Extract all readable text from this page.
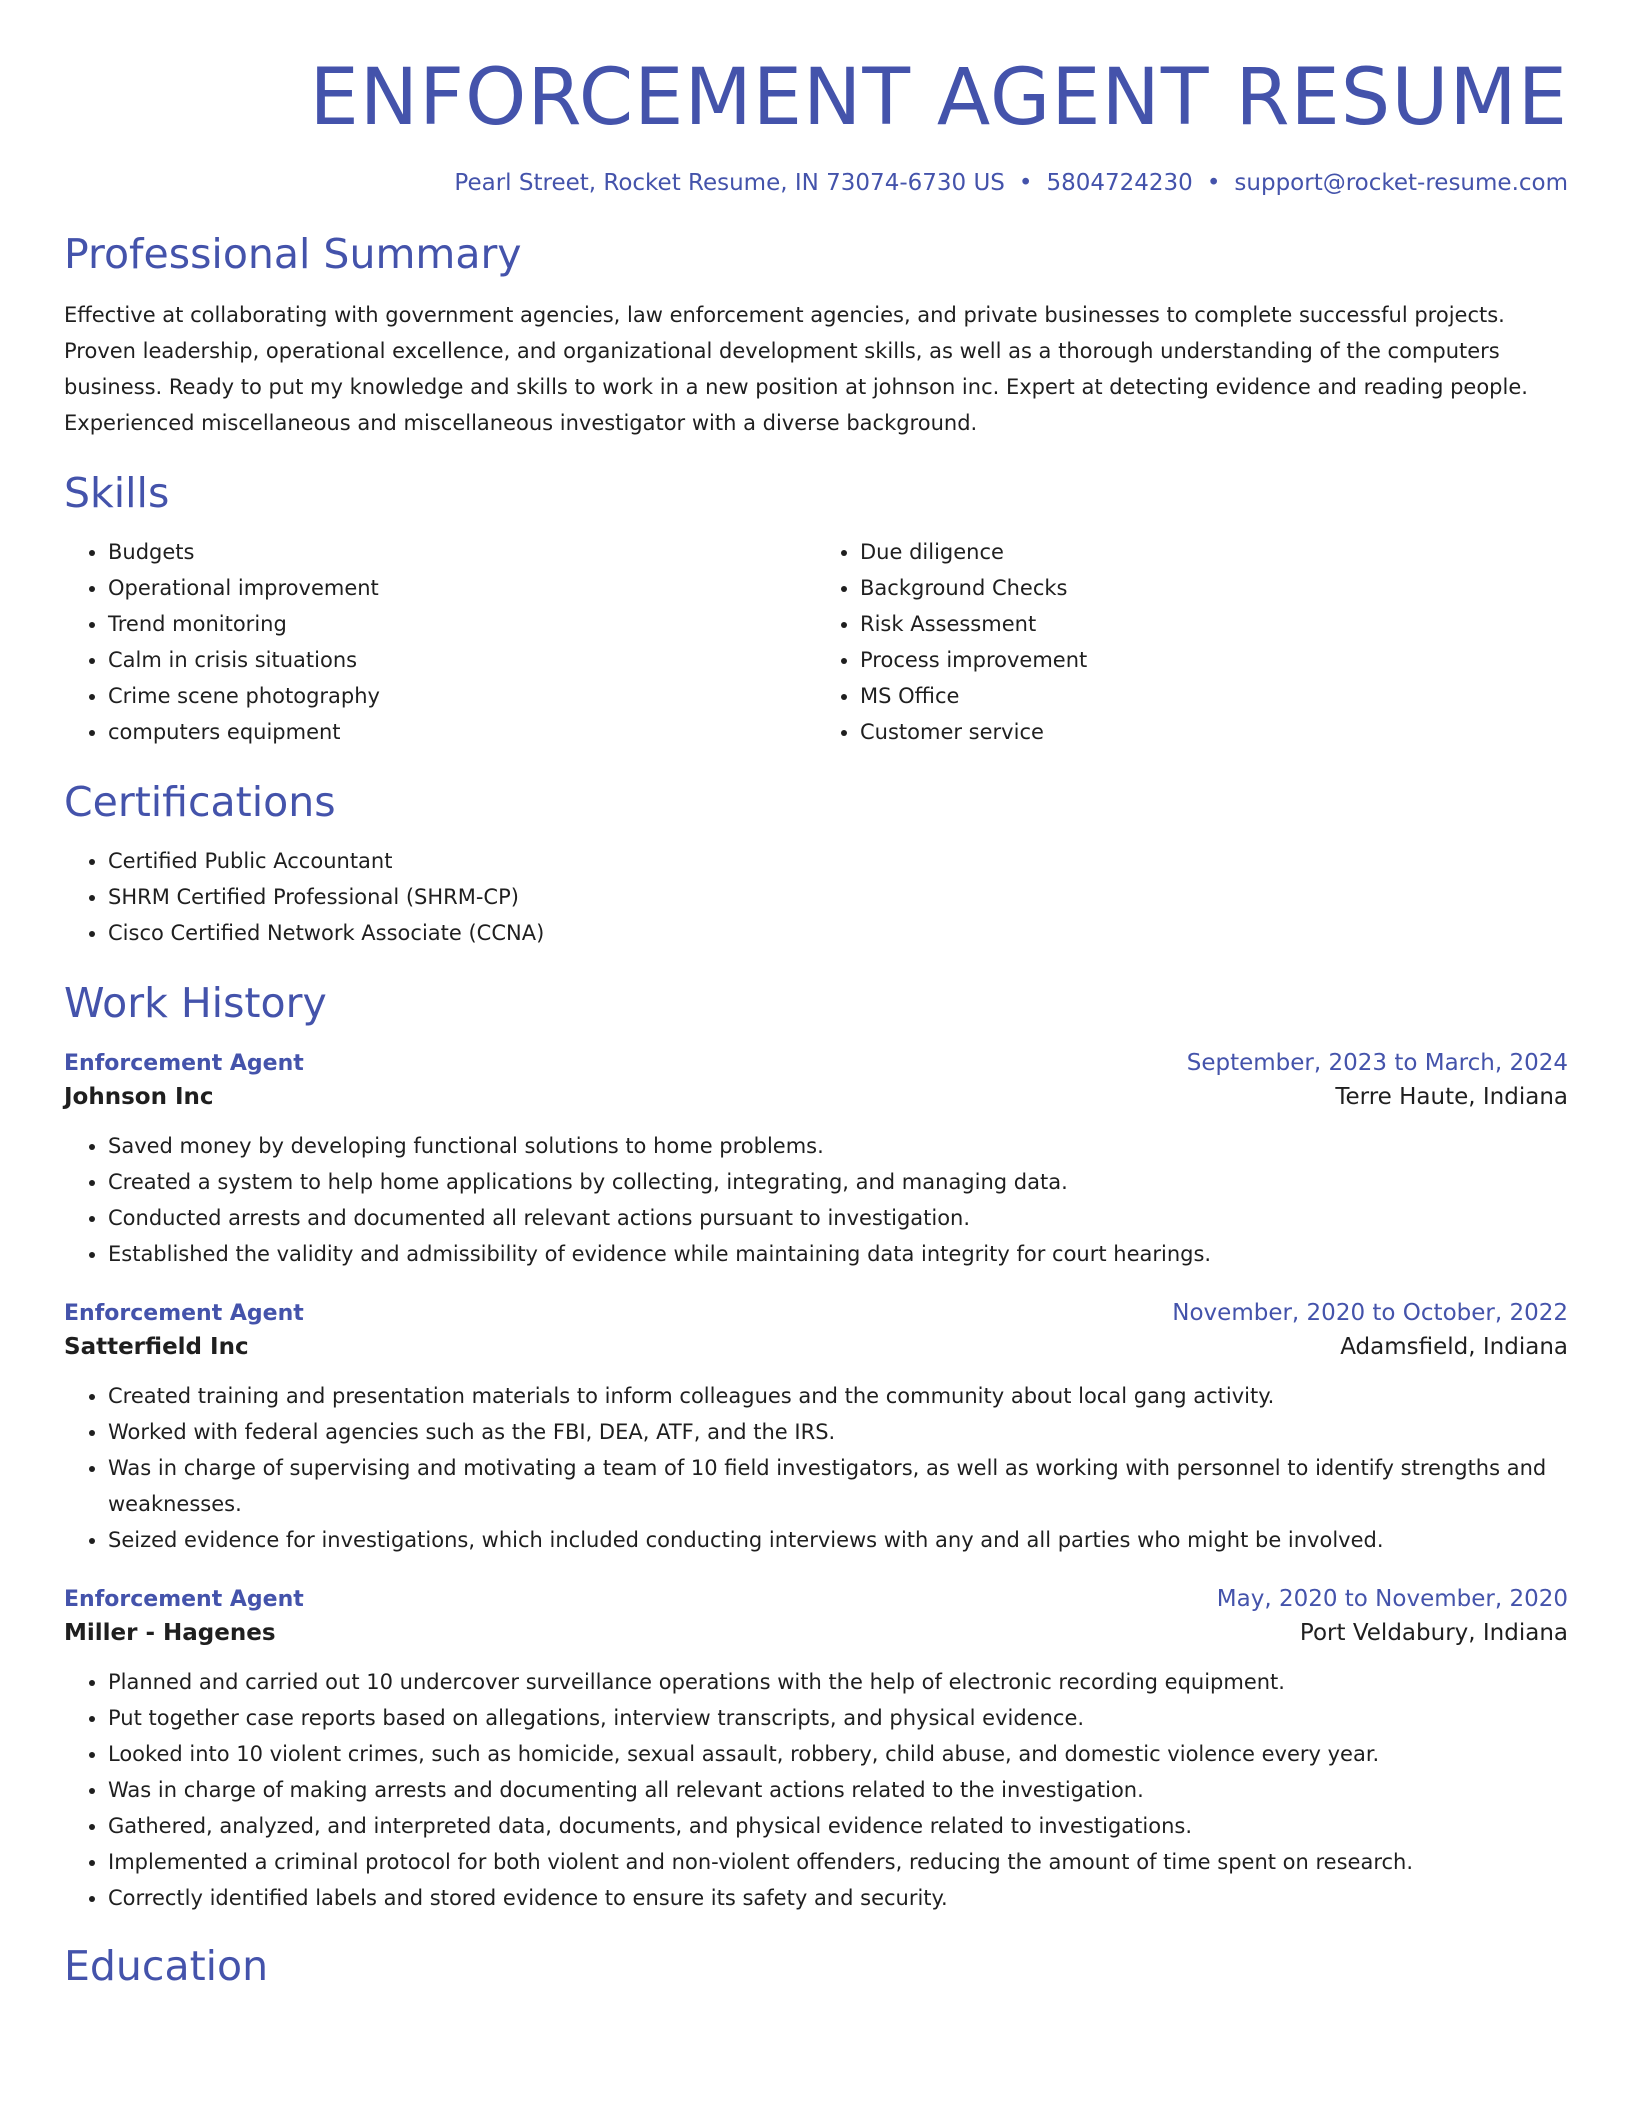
ENFORCEMENT AGENT RESUME
Pearl Street, Rocket Resume, IN 73074-6730 US • 5804724230 • support@rocket-resume.com
Professional Summary

Effective at collaborating with government agencies, law enforcement agencies, and private businesses to complete successful projects. Proven leadership, operational excellence, and organizational development skills, as well as a thorough understanding of the computers business. Ready to put my knowledge and skills to work in a new position at johnson inc. Expert at detecting evidence and reading people. Experienced miscellaneous and miscellaneous investigator with a diverse background.

Skills
• Budgets
• Operational improvement
• Trend monitoring
• Calm in crisis situations
• Crime scene photography
• computers equipment
• Due diligence
• Background Checks
• Risk Assessment
• Process improvement
• MS Office
• Customer service
Certifications
• Certified Public Accountant
• SHRM Certified Professional (SHRM-CP)
• Cisco Certified Network Associate (CCNA)
Work History
Enforcement Agent	September, 2023 to March, 2024
Johnson Inc	Terre Haute, Indiana
• Saved money by developing functional solutions to home problems.
• Created a system to help home applications by collecting, integrating, and managing data.
• Conducted arrests and documented all relevant actions pursuant to investigation.
• Established the validity and admissibility of evidence while maintaining data integrity for court hearings.
Enforcement Agent	November, 2020 to October, 2022
Satterfield Inc	Adamsfield, Indiana
• Created training and presentation materials to inform colleagues and the community about local gang activity.
• Worked with federal agencies such as the FBI, DEA, ATF, and the IRS.
• Was in charge of supervising and motivating a team of 10 field investigators, as well as working with personnel to identify strengths and weaknesses.
• Seized evidence for investigations, which included conducting interviews with any and all parties who might be involved.
Enforcement Agent	May, 2020 to November, 2020
Miller - Hagenes	Port Veldabury, Indiana
• Planned and carried out 10 undercover surveillance operations with the help of electronic recording equipment.
• Put together case reports based on allegations, interview transcripts, and physical evidence.
• Looked into 10 violent crimes, such as homicide, sexual assault, robbery, child abuse, and domestic violence every year.
• Was in charge of making arrests and documenting all relevant actions related to the investigation.
• Gathered, analyzed, and interpreted data, documents, and physical evidence related to investigations.
• Implemented a criminal protocol for both violent and non-violent offenders, reducing the amount of time spent on research.
• Correctly identified labels and stored evidence to ensure its safety and security.
Education
